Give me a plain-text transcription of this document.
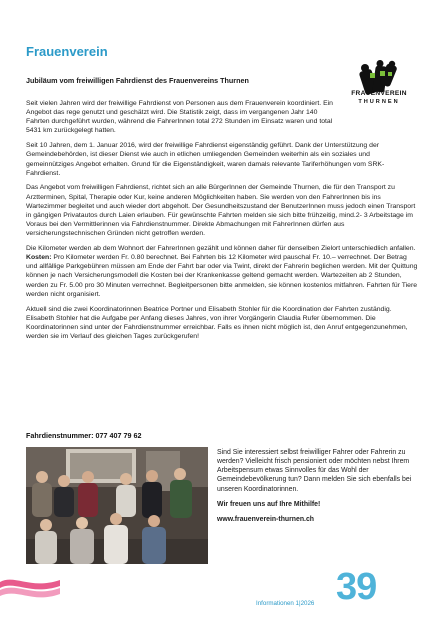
Frauenverein
Jubiläum vom freiwilligen Fahrdienst des Frauenvereins Thurnen
FRAUENVEREIN
THURNEN

Seit vielen Jahren wird der freiwillige Fahrdienst von Personen aus dem Frauenverein koordiniert. Ein Angebot das rege genutzt und geschätzt wird. Die Statistik zeigt, dass im vergangenen Jahr 140 Fahrten durchgeführt wurden, während die FahrerInnen total 272 Stunden im Einsatz waren und total 5431 km zurückgelegt hatten.

Seit 10 Jahren, dem 1. Januar 2016, wird der freiwillige Fahrdienst eigenständig geführt. Dank der Unterstützung der Gemeindebehörden, ist dieser Dienst wie auch in etlichen umliegenden Gemeinden weiterhin als ein soziales und gemeinnütziges Angebot erhalten. Grund für die Eigenständigkeit, waren damals relevante Tariferhöhungen vom SRK-Fahrdienst.

Das Angebot vom freiwilligen Fahrdienst, richtet sich an alle BürgerInnen der Gemeinde Thurnen, die für den Transport zu Arztterminen, Spital, Therapie oder Kur, keine anderen Möglichkeiten haben. Sie werden von den FahrerInnen bis ins Wartezimmer begleitet und auch wieder dort abgeholt. Der Gesundheitszustand der BenutzerInnen muss jedoch einen Transport in gängigen Privatautos durch Laien erlauben. Für gewünschte Fahrten melden sie sich bitte frühzeitig, mind.2- 3 Arbeitstage im Voraus bei den Vermittlerinnen via Fahrdienstnummer. Direkte Abmachungen mit FahrerInnen dürfen aus versicherungstechnischen Gründen nicht getroffen werden.

Die Kilometer werden ab dem Wohnort der FahrerInnen gezählt und können daher für denselben Zielort unterschiedlich anfallen.
Kosten: Pro Kilometer werden Fr. 0.80 berechnet. Bei Fahrten bis 12 Kilometer wird pauschal Fr. 10.– verrechnet. Der Betrag und allfällige Parkgebühren müssen am Ende der Fahrt bar oder via Twint, direkt der Fahrerin beglichen werden. Mit der Quittung können je nach Versicherungsmodell die Kosten bei der Krankenkasse geltend gemacht werden. Wartezeiten ab 2 Stunden, werden zu Fr. 5.00 pro 30 Minuten verrechnet. Begleitpersonen bitte anmelden, sie können kostenlos mitfahren. Fahrten für Tiere werden nicht organisiert.

Aktuell sind die zwei Koordinatorinnen Beatrice Portner und Elisabeth Stohler für die Koordination der Fahrten zuständig. Elisabeth Stohler hat die Aufgabe per Anfang dieses Jahres, von ihrer Vorgängerin Claudia Rufer übernommen. Die Koordinatorinnen sind unter der Fahrdienstnummer erreichbar. Falls es ihnen nicht möglich ist, den Anruf entgegenzunehmen, werden sie im Verlauf des gleichen Tages zurückgerufen!

Fahrdienstnummer: 077 407 79 62

Sind Sie interessiert selbst freiwilliger Fahrer oder Fahrerin zu werden? Vielleicht frisch pensioniert oder möchten nebst Ihrem Arbeitspensum etwas Sinnvolles für das Wohl der Gemeindebevölkerung tun? Dann melden Sie sich ebenfalls bei unseren Koordinatorinnen.

Wir freuen uns auf Ihre Mithilfe!

www.frauenverein-thurnen.ch

Informationen 1|2026 39
